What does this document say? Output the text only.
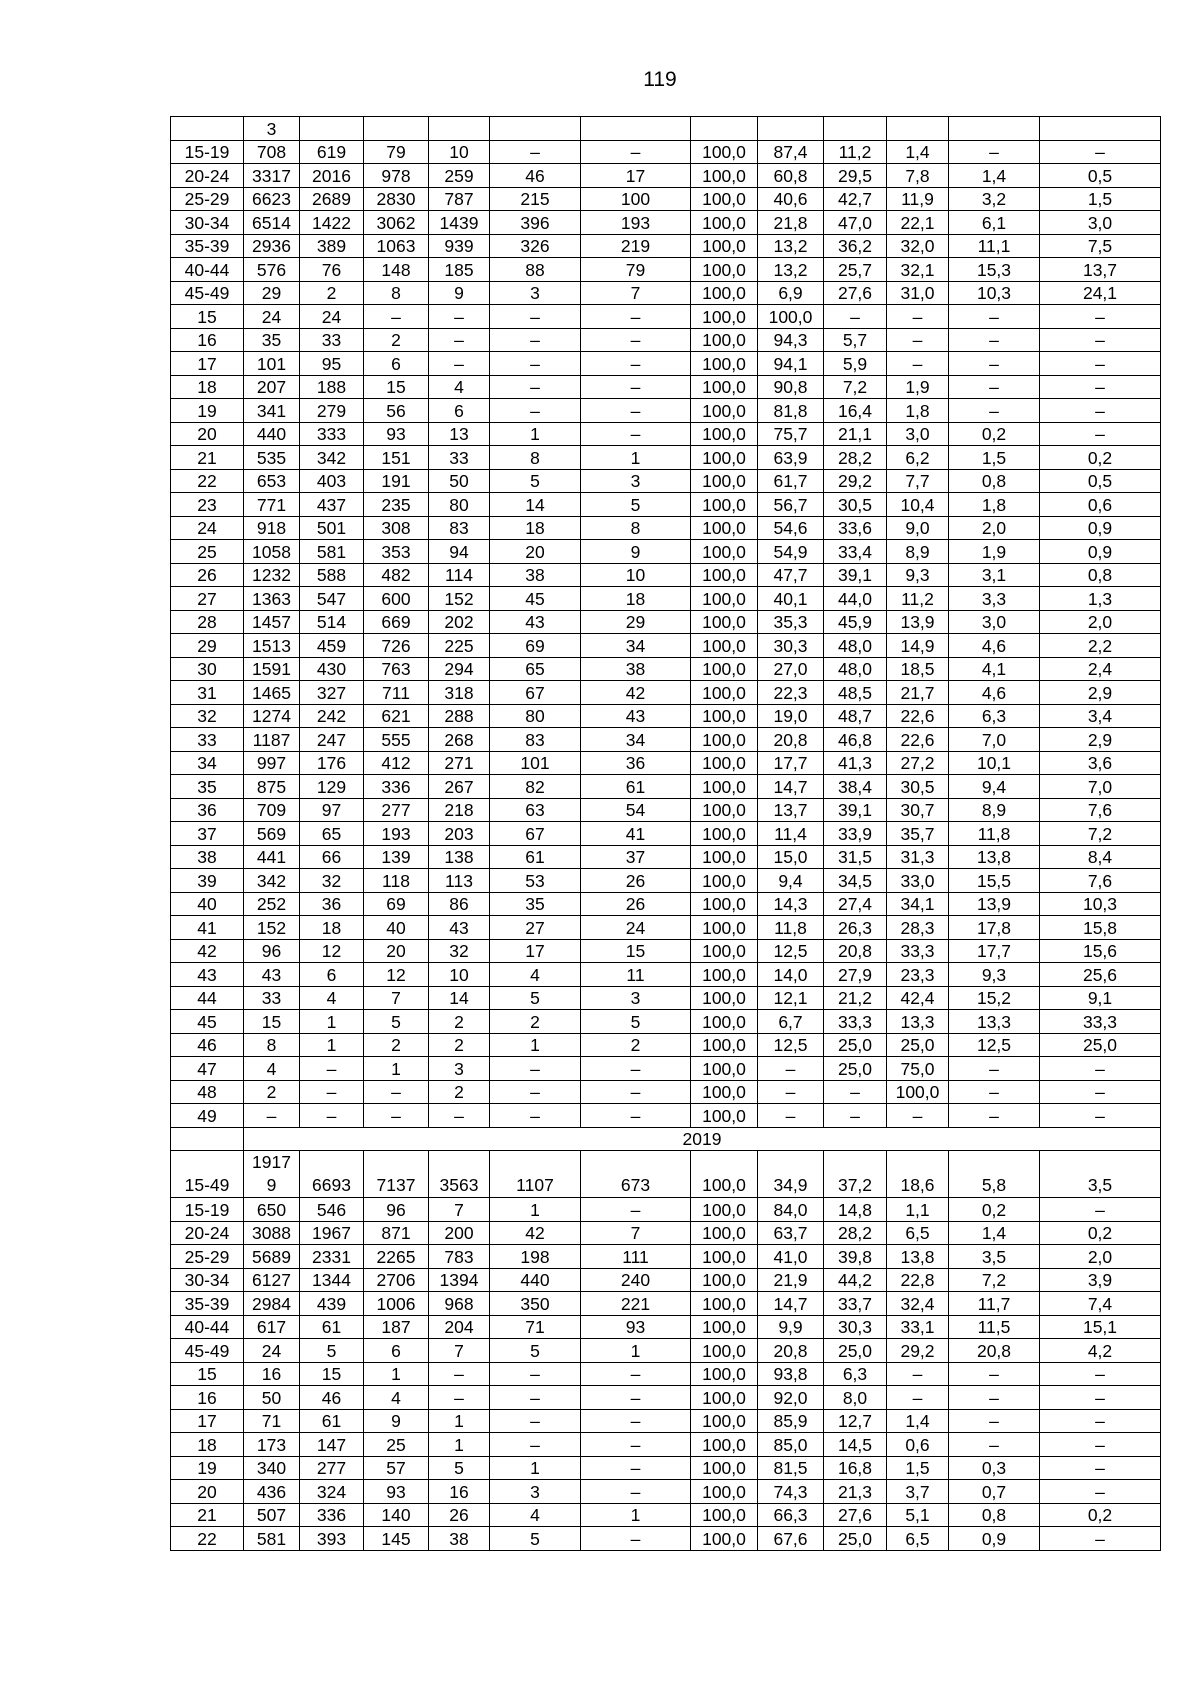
119
	3											
15-19	708	619	79	10	–	–	100,0	87,4	11,2	1,4	–	–
20-24	3317	2016	978	259	46	17	100,0	60,8	29,5	7,8	1,4	0,5
25-29	6623	2689	2830	787	215	100	100,0	40,6	42,7	11,9	3,2	1,5
30-34	6514	1422	3062	1439	396	193	100,0	21,8	47,0	22,1	6,1	3,0
35-39	2936	389	1063	939	326	219	100,0	13,2	36,2	32,0	11,1	7,5
40-44	576	76	148	185	88	79	100,0	13,2	25,7	32,1	15,3	13,7
45-49	29	2	8	9	3	7	100,0	6,9	27,6	31,0	10,3	24,1
15	24	24	–	–	–	–	100,0	100,0	–	–	–	–
16	35	33	2	–	–	–	100,0	94,3	5,7	–	–	–
17	101	95	6	–	–	–	100,0	94,1	5,9	–	–	–
18	207	188	15	4	–	–	100,0	90,8	7,2	1,9	–	–
19	341	279	56	6	–	–	100,0	81,8	16,4	1,8	–	–
20	440	333	93	13	1	–	100,0	75,7	21,1	3,0	0,2	–
21	535	342	151	33	8	1	100,0	63,9	28,2	6,2	1,5	0,2
22	653	403	191	50	5	3	100,0	61,7	29,2	7,7	0,8	0,5
23	771	437	235	80	14	5	100,0	56,7	30,5	10,4	1,8	0,6
24	918	501	308	83	18	8	100,0	54,6	33,6	9,0	2,0	0,9
25	1058	581	353	94	20	9	100,0	54,9	33,4	8,9	1,9	0,9
26	1232	588	482	114	38	10	100,0	47,7	39,1	9,3	3,1	0,8
27	1363	547	600	152	45	18	100,0	40,1	44,0	11,2	3,3	1,3
28	1457	514	669	202	43	29	100,0	35,3	45,9	13,9	3,0	2,0
29	1513	459	726	225	69	34	100,0	30,3	48,0	14,9	4,6	2,2
30	1591	430	763	294	65	38	100,0	27,0	48,0	18,5	4,1	2,4
31	1465	327	711	318	67	42	100,0	22,3	48,5	21,7	4,6	2,9
32	1274	242	621	288	80	43	100,0	19,0	48,7	22,6	6,3	3,4
33	1187	247	555	268	83	34	100,0	20,8	46,8	22,6	7,0	2,9
34	997	176	412	271	101	36	100,0	17,7	41,3	27,2	10,1	3,6
35	875	129	336	267	82	61	100,0	14,7	38,4	30,5	9,4	7,0
36	709	97	277	218	63	54	100,0	13,7	39,1	30,7	8,9	7,6
37	569	65	193	203	67	41	100,0	11,4	33,9	35,7	11,8	7,2
38	441	66	139	138	61	37	100,0	15,0	31,5	31,3	13,8	8,4
39	342	32	118	113	53	26	100,0	9,4	34,5	33,0	15,5	7,6
40	252	36	69	86	35	26	100,0	14,3	27,4	34,1	13,9	10,3
41	152	18	40	43	27	24	100,0	11,8	26,3	28,3	17,8	15,8
42	96	12	20	32	17	15	100,0	12,5	20,8	33,3	17,7	15,6
43	43	6	12	10	4	11	100,0	14,0	27,9	23,3	9,3	25,6
44	33	4	7	14	5	3	100,0	12,1	21,2	42,4	15,2	9,1
45	15	1	5	2	2	5	100,0	6,7	33,3	13,3	13,3	33,3
46	8	1	2	2	1	2	100,0	12,5	25,0	25,0	12,5	25,0
47	4	–	1	3	–	–	100,0	–	25,0	75,0	–	–
48	2	–	–	2	–	–	100,0	–	–	100,0	–	–
49	–	–	–	–	–	–	100,0	–	–	–	–	–
	2019											
15-49	1917 9	6693	7137	3563	1107	673	100,0	34,9	37,2	18,6	5,8	3,5
15-19	650	546	96	7	1	–	100,0	84,0	14,8	1,1	0,2	–
20-24	3088	1967	871	200	42	7	100,0	63,7	28,2	6,5	1,4	0,2
25-29	5689	2331	2265	783	198	111	100,0	41,0	39,8	13,8	3,5	2,0
30-34	6127	1344	2706	1394	440	240	100,0	21,9	44,2	22,8	7,2	3,9
35-39	2984	439	1006	968	350	221	100,0	14,7	33,7	32,4	11,7	7,4
40-44	617	61	187	204	71	93	100,0	9,9	30,3	33,1	11,5	15,1
45-49	24	5	6	7	5	1	100,0	20,8	25,0	29,2	20,8	4,2
15	16	15	1	–	–	–	100,0	93,8	6,3	–	–	–
16	50	46	4	–	–	–	100,0	92,0	8,0	–	–	–
17	71	61	9	1	–	–	100,0	85,9	12,7	1,4	–	–
18	173	147	25	1	–	–	100,0	85,0	14,5	0,6	–	–
19	340	277	57	5	1	–	100,0	81,5	16,8	1,5	0,3	–
20	436	324	93	16	3	–	100,0	74,3	21,3	3,7	0,7	–
21	507	336	140	26	4	1	100,0	66,3	27,6	5,1	0,8	0,2
22	581	393	145	38	5	–	100,0	67,6	25,0	6,5	0,9	–
